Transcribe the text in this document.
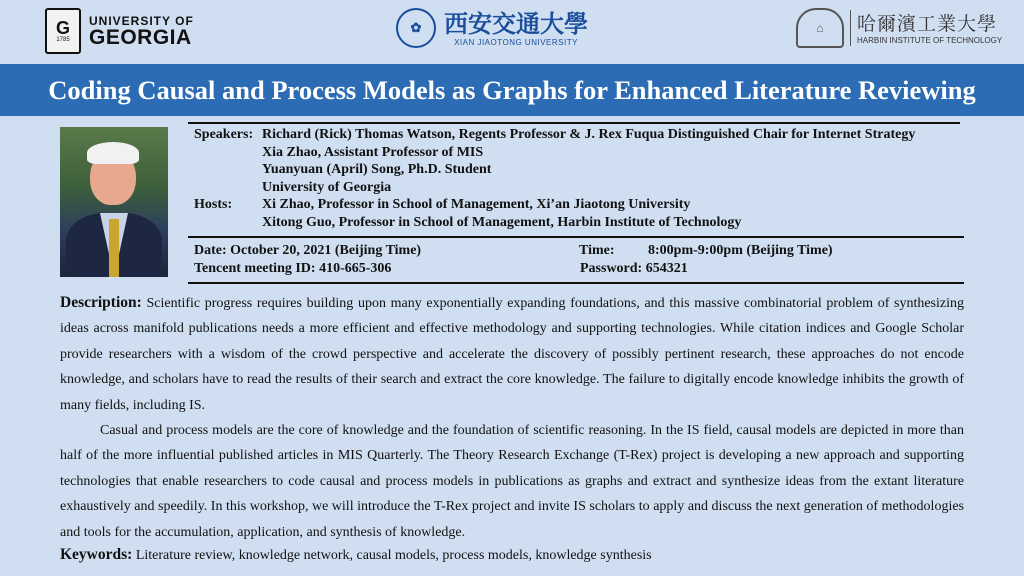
G
1785
UNIVERSITY OF
GEORGIA	✿ 西安交通大學
XIAN JIAOTONG UNIVERSITY
⌂	哈爾濱工業大學
HARBIN INSTITUTE OF TECHNOLOGY
Coding Causal and Process Models as Graphs for Enhanced Literature Reviewing
Speakers: Richard (Rick) Thomas Watson, Regents Professor & J. Rex Fuqua Distinguished Chair for Internet Strategy
Xia Zhao, Assistant Professor of MIS
Yuanyuan (April) Song, Ph.D. Student
University of Georgia
Xi Zhao, Professor in School of Management, Xi’an Jiaotong University
Xitong Guo, Professor in School of Management, Harbin Institute of Technology
Hosts:
Date: October 20, 2021 (Beijing Time)
Tencent meeting ID: 410-665-306
Time: 8:00pm-9:00pm (Beijing Time)
Password: 654321

Description: Scientific progress requires building upon many exponentially expanding foundations, and this massive combinatorial problem of synthesizing ideas across manifold publications needs a more efficient and effective methodology and supporting technologies. While citation indices and Google Scholar provide researchers with a wisdom of the crowd perspective and accelerate the discovery of possibly pertinent research, these approaches do not encode knowledge, and scholars have to read the results of their search and extract the core knowledge. The failure to digitally encode knowledge inhibits the growth of many fields, including IS.

Casual and process models are the core of knowledge and the foundation of scientific reasoning. In the IS field, causal models are depicted in more than half of the more influential published articles in MIS Quarterly. The Theory Research Exchange (T-Rex) project is developing a new approach and supporting technologies that enable researchers to code causal and process models in publications as graphs and extract and synthesize ideas from the extant literature exhaustively and speedily. In this workshop, we will introduce the T-Rex project and invite IS scholars to apply and discuss the next generation of methodologies and tools for the accumulation, application, and synthesis of knowledge.

Keywords: Literature review, knowledge network, causal models, process models, knowledge synthesis
